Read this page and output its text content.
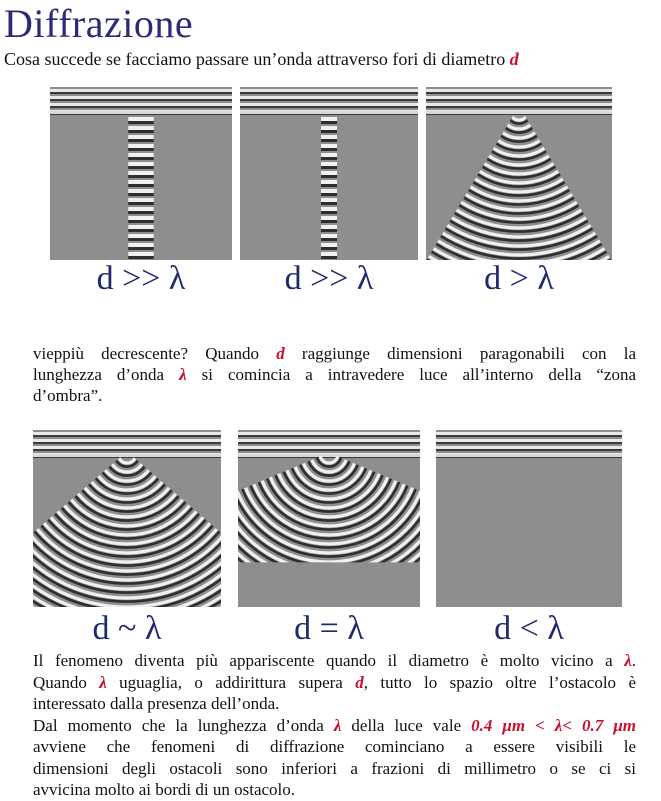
Diffrazione
Cosa succede se facciamo passare un’onda attraverso fori di diametro d
d >> λ	d >> λ	d > λ
vieppiù decrescente? Quando d raggiunge dimensioni paragonabili con la
lunghezza d’onda λ si comincia a intravedere luce all’interno della “zona
d’ombra”.
d ~ λ	d = λ	d < λ
Il fenomeno diventa più appariscente quando il diametro è molto vicino a λ.
Quando λ uguaglia, o addirittura supera d, tutto lo spazio oltre l’ostacolo è
interessato dalla presenza dell’onda.
Dal momento che la lunghezza d’onda λ della luce vale 0.4 μm < λ< 0.7 μm
avviene che fenomeni di diffrazione cominciano a essere visibili le
dimensioni degli ostacoli sono inferiori a frazioni di millimetro o se ci si
avvicina molto ai bordi di un ostacolo.
